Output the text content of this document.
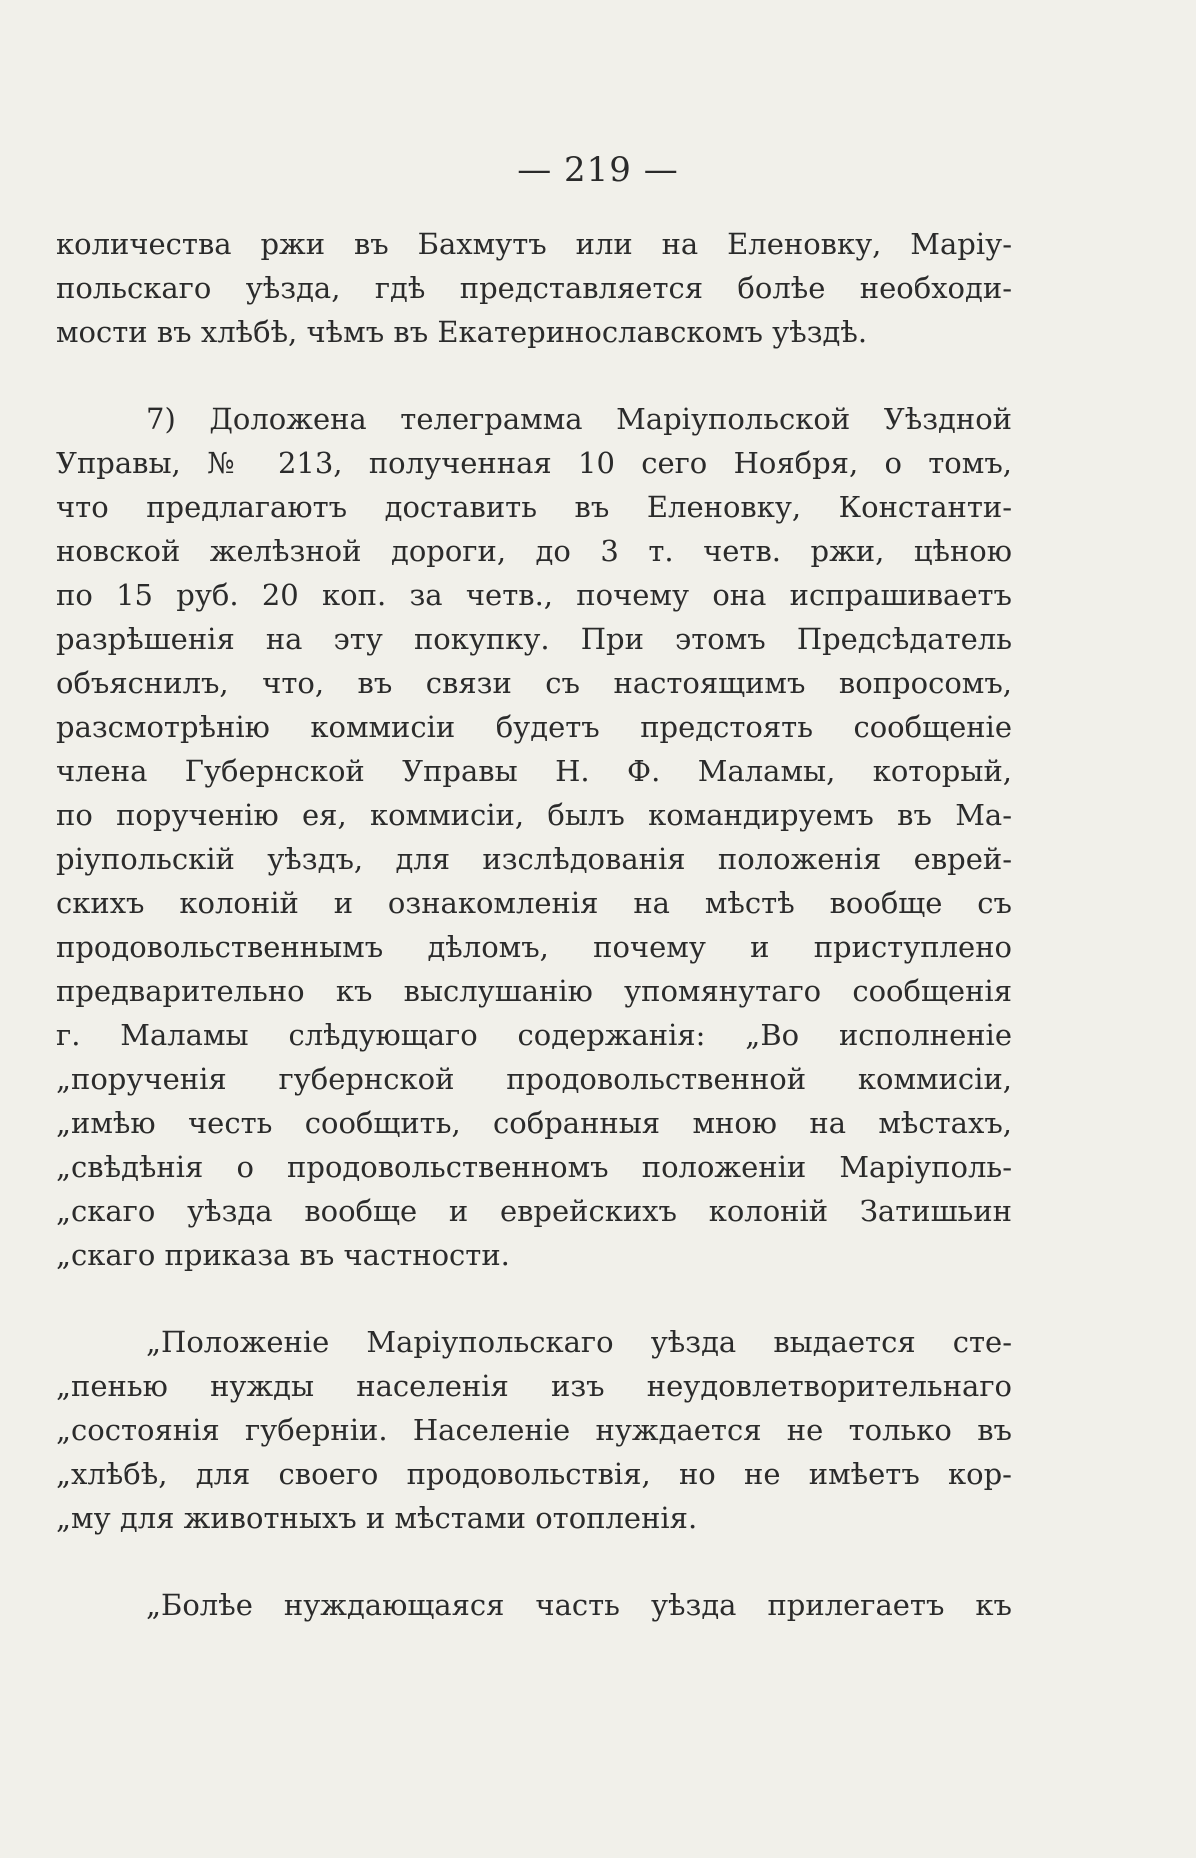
— 219 —
количества ржи въ Бахмутъ или на Еленовку, Маріу-
польскаго уѣзда, гдѣ представляется болѣе необходи-
мости въ хлѣбѣ, чѣмъ въ Екатеринославскомъ уѣздѣ.
7) Доложена телеграмма Маріупольской Уѣздной
Управы, № 213, полученная 10 сего Ноября, о томъ,
что предлагаютъ доставить въ Еленовку, Константи-
новской желѣзной дороги, до 3 т. четв. ржи, цѣною
по 15 руб. 20 коп. за четв., почему она испрашиваетъ
разрѣшенія на эту покупку. При этомъ Предсѣдатель
объяснилъ, что, въ связи съ настоящимъ вопросомъ,
разсмотрѣнію коммисіи будетъ предстоять сообщеніе
члена Губернской Управы Н. Ф. Маламы, который,
по порученію ея, коммисіи, былъ командируемъ въ Ма-
ріупольскій уѣздъ, для изслѣдованія положенія еврей-
скихъ колоній и ознакомленія на мѣстѣ вообще съ
продовольственнымъ дѣломъ, почему и приступлено
предварительно къ выслушанію упомянутаго сообщенія
г. Маламы слѣдующаго содержанія: „Во исполненіе
„порученія губернской продовольственной коммисіи,
„имѣю честь сообщить, собранныя мною на мѣстахъ,
„свѣдѣнія о продовольственномъ положеніи Маріуполь-
„скаго уѣзда вообще и еврейскихъ колоній Затишьин
„скаго приказа въ частности.
„Положеніе Маріупольскаго уѣзда выдается сте-
„пенью нужды населенія изъ неудовлетворительнаго
„состоянія губерніи. Населеніе нуждается не только въ
„хлѣбѣ, для своего продовольствія, но не имѣетъ кор-
„му для животныхъ и мѣстами отопленія.
„Болѣе нуждающаяся часть уѣзда прилегаетъ къ
